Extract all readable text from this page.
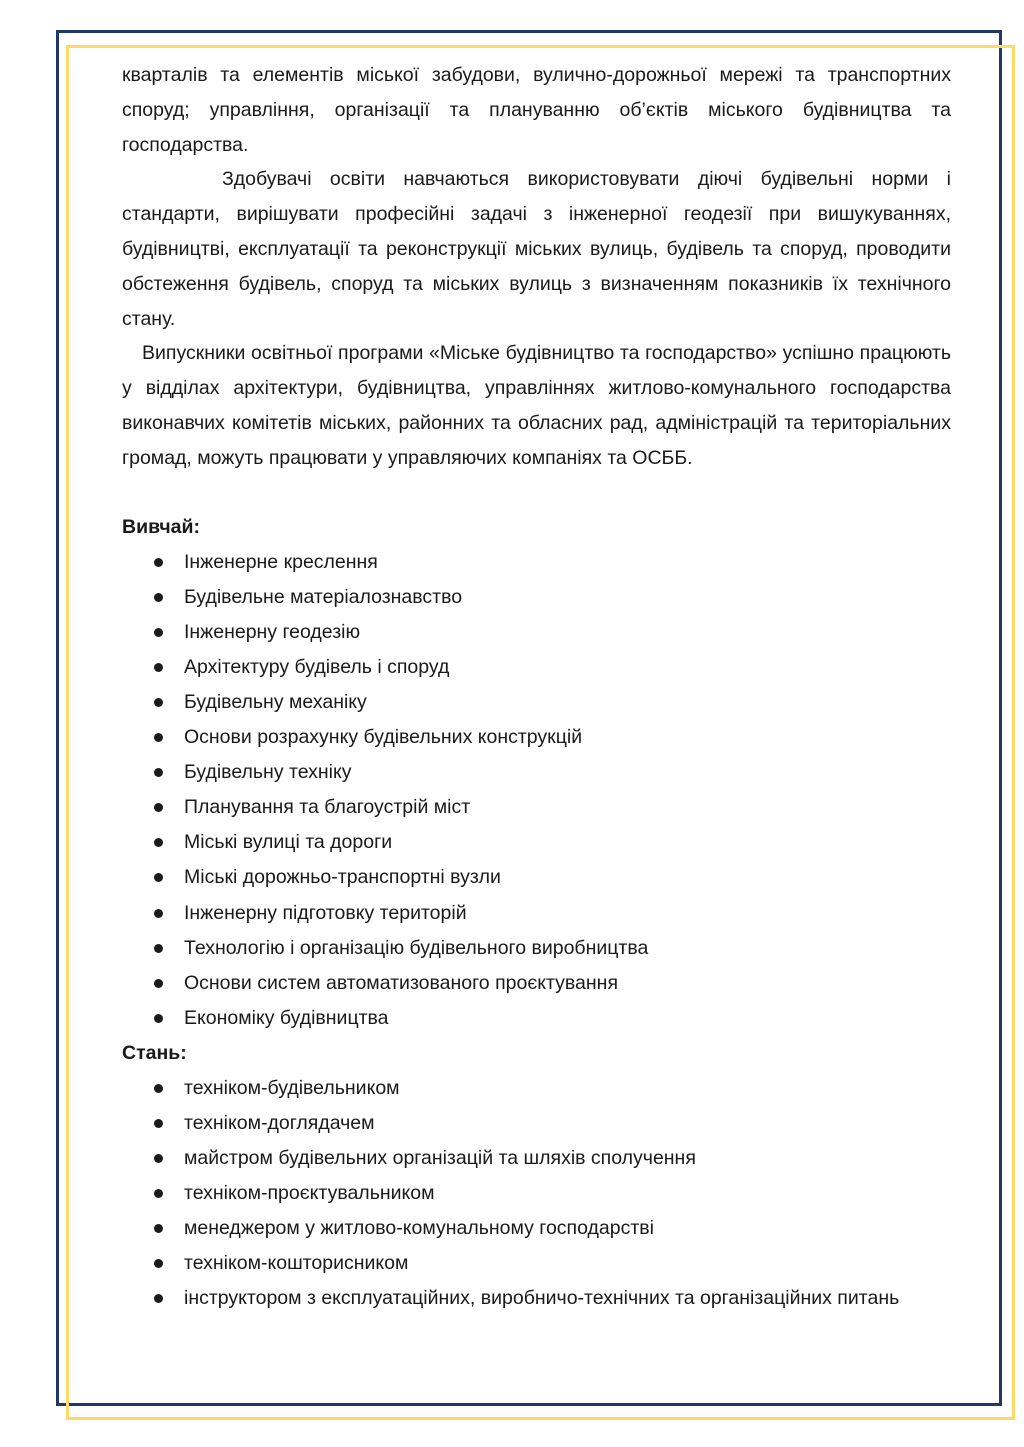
кварталів та елементів міської забудови, вулично-дорожньої мережі та транспортних споруд; управління, організації та плануванню об’єктів міського будівництва та господарства.

Здобувачі освіти навчаються використовувати діючі будівельні норми і стандарти, вирішувати професійні задачі з інженерної геодезії при вишукуваннях, будівництві, експлуатації та реконструкції міських вулиць, будівель та споруд, проводити обстеження будівель, споруд та міських вулиць з визначенням показників їх технічного стану.

Випускники освітньої програми «Міське будівництво та господарство» успішно працюють у відділах архітектури, будівництва, управліннях житлово-комунального господарства виконавчих комітетів міських, районних та обласних рад, адміністрацій та територіальних громад, можуть працювати у управляючих компаніях та ОСББ.

Вивчай:

Інженерне креслення
Будівельне матеріалознавство
Інженерну геодезію
Архітектуру будівель і споруд
Будівельну механіку
Основи розрахунку будівельних конструкцій
Будівельну техніку
Планування та благоустрій міст
Міські вулиці та дороги
Міські дорожньо-транспортні вузли
Інженерну підготовку територій
Технологію і організацію будівельного виробництва
Основи систем автоматизованого проєктування
Економіку будівництва

Стань:

техніком-будівельником
техніком-доглядачем
майстром будівельних організацій та шляхів сполучення
техніком-проєктувальником
менеджером у житлово-комунальному господарстві
техніком-кошторисником
інструктором з експлуатаційних, виробничо-технічних та організаційних питань
